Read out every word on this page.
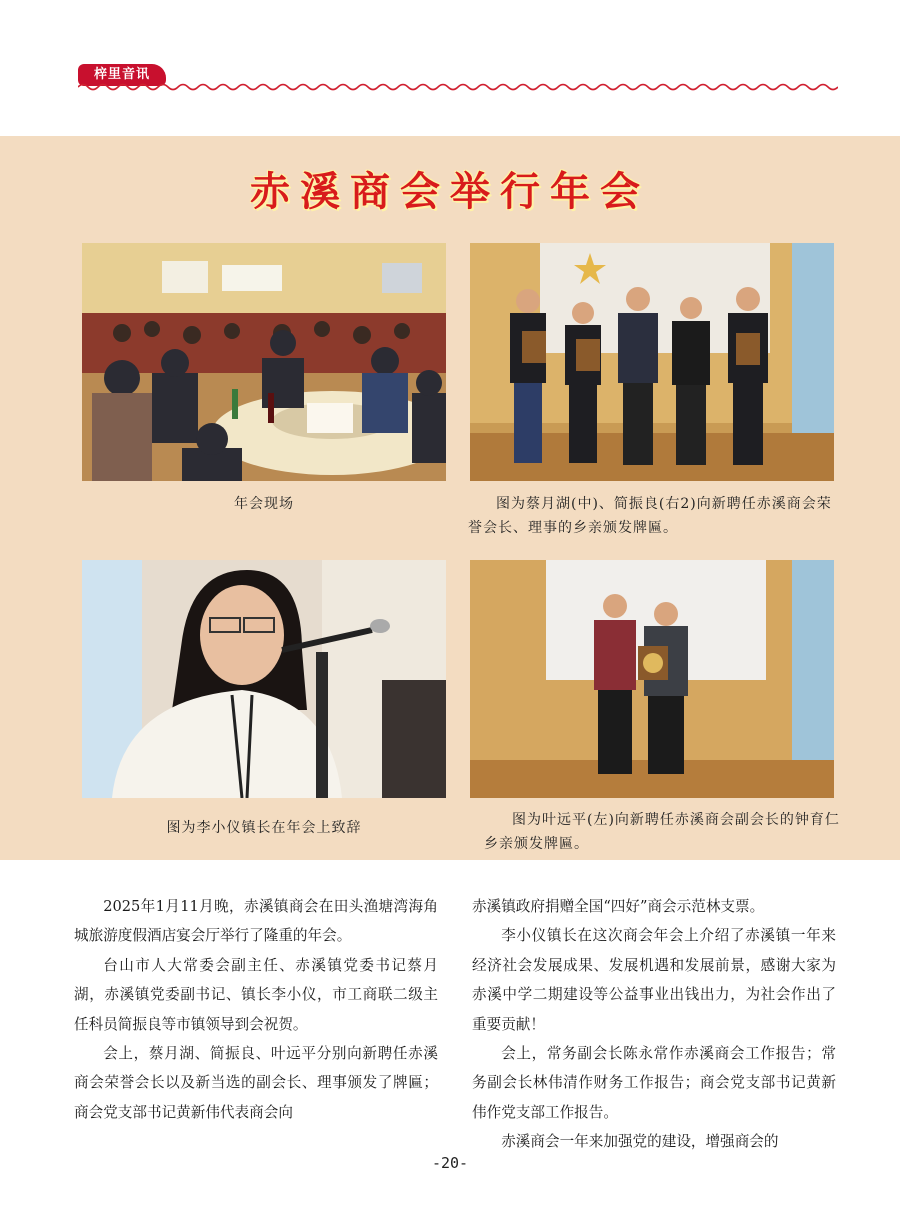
梓里音讯
赤溪商会举行年会
年会现场	图为蔡月湖(中)、简振良(右2)向新聘任赤溪商会荣誉会长、理事的乡亲颁发牌匾。
图为李小仪镇长在年会上致辞	图为叶远平(左)向新聘任赤溪商会副会长的钟育仁乡亲颁发牌匾。

2025年1月11月晚，赤溪镇商会在田头渔塘湾海角城旅游度假酒店宴会厅举行了隆重的年会。

台山市人大常委会副主任、赤溪镇党委书记蔡月湖，赤溪镇党委副书记、镇长李小仪，市工商联二级主任科员简振良等市镇领导到会祝贺。

会上，蔡月湖、简振良、叶远平分别向新聘任赤溪商会荣誉会长以及新当选的副会长、理事颁发了牌匾；商会党支部书记黄新伟代表商会向

赤溪镇政府捐赠全国“四好”商会示范林支票。

李小仪镇长在这次商会年会上介绍了赤溪镇一年来经济社会发展成果、发展机遇和发展前景，感谢大家为赤溪中学二期建设等公益事业出钱出力，为社会作出了重要贡献！

会上，常务副会长陈永常作赤溪商会工作报告；常务副会长林伟清作财务工作报告；商会党支部书记黄新伟作党支部工作报告。

赤溪商会一年来加强党的建设，增强商会的

-20-
